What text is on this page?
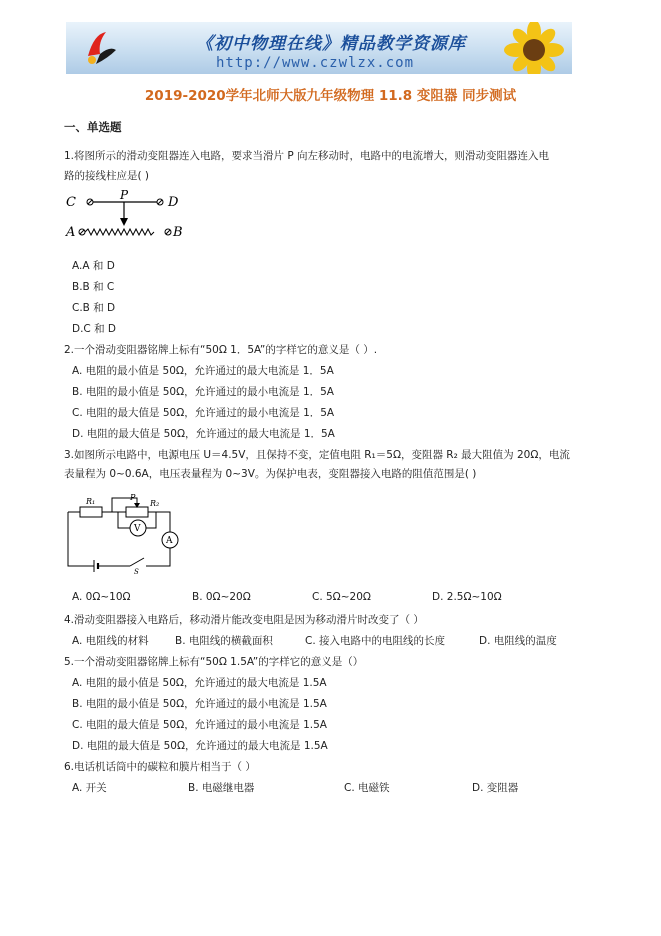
《初中物理在线》精品教学资源库
http://www.czwlzx.com
2019-2020学年北师大版九年级物理 11.8 变阻器 同步测试
一、单选题
1.将图所示的滑动变阻器连入电路，要求当滑片 P 向左移动时，电路中的电流增大，则滑动变阻器连入电
路的接线柱应是( )
C	D
P
A	B
A.A 和 D
B.B 和 C
C.B 和 D
D.C 和 D
2.一个滑动变阻器铭牌上标有“50Ω 1．5A”的字样它的意义是（ ）.
A. 电阻的最小值是 50Ω，允许通过的最大电流是 1．5A
B. 电阻的最小值是 50Ω，允许通过的最小电流是 1．5A
C. 电阻的最大值是 50Ω，允许通过的最小电流是 1．5A
D. 电阻的最大值是 50Ω，允许通过的最大电流是 1．5A
3.如图所示电路中，电源电压 U＝4.5V，且保持不变，定值电阻 R₁＝5Ω，变阻器 R₂ 最大阻值为 20Ω，电流
表量程为 0~0.6A，电压表量程为 0~3V。为保护电表，变阻器接入电路的阻值范围是( )
R₁	P
R₂
V
A
S
A. 0Ω~10Ω	B. 0Ω~20Ω	C. 5Ω~20Ω	D. 2.5Ω~10Ω
4.滑动变阻器接入电路后，移动滑片能改变电阻是因为移动滑片时改变了（ ）
A. 电阻线的材料	B. 电阻线的横截面积	C. 接入电路中的电阻线的长度	D. 电阻线的温度
5.一个滑动变阻器铭牌上标有“50Ω 1.5A”的字样它的意义是（）
A. 电阻的最小值是 50Ω，允许通过的最大电流是 1.5A
B. 电阻的最小值是 50Ω，允许通过的最小电流是 1.5A
C. 电阻的最大值是 50Ω，允许通过的最小电流是 1.5A
D. 电阻的最大值是 50Ω，允许通过的最大电流是 1.5A
6.电话机话筒中的碳粒和膜片相当于（ ）
A. 开关	B. 电磁继电器	C. 电磁铁	D. 变阻器
